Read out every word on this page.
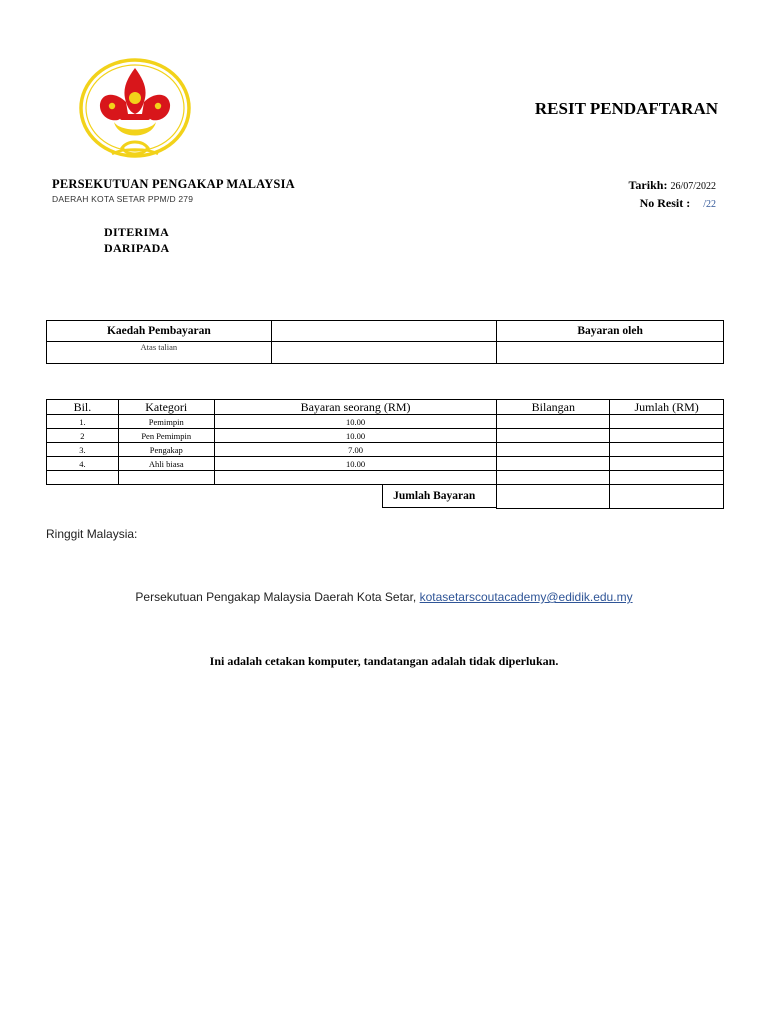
RESIT PENDAFTARAN
PERSEKUTUAN PENGAKAP MALAYSIA
DAERAH KOTA SETAR PPM/D 279
Tarikh: 26/07/2022
No Resit : /22
DITERIMA
DARIPADA
Kaedah Pembayaran		Bayaran oleh
Atas talian		
Bil.	Kategori	Bayaran seorang (RM)	Bilangan	Jumlah (RM)
1.	Pemimpin	10.00		
2	Pen Pemimpin	10.00		
3.	Pengakap	7.00		
4.	Ahli biasa	10.00		

		Jumlah Bayaran		

Ringgit Malaysia:
Persekutuan Pengakap Malaysia Daerah Kota Setar, kotasetarscoutacademy@edidik.edu.my
Ini adalah cetakan komputer, tandatangan adalah tidak diperlukan.
